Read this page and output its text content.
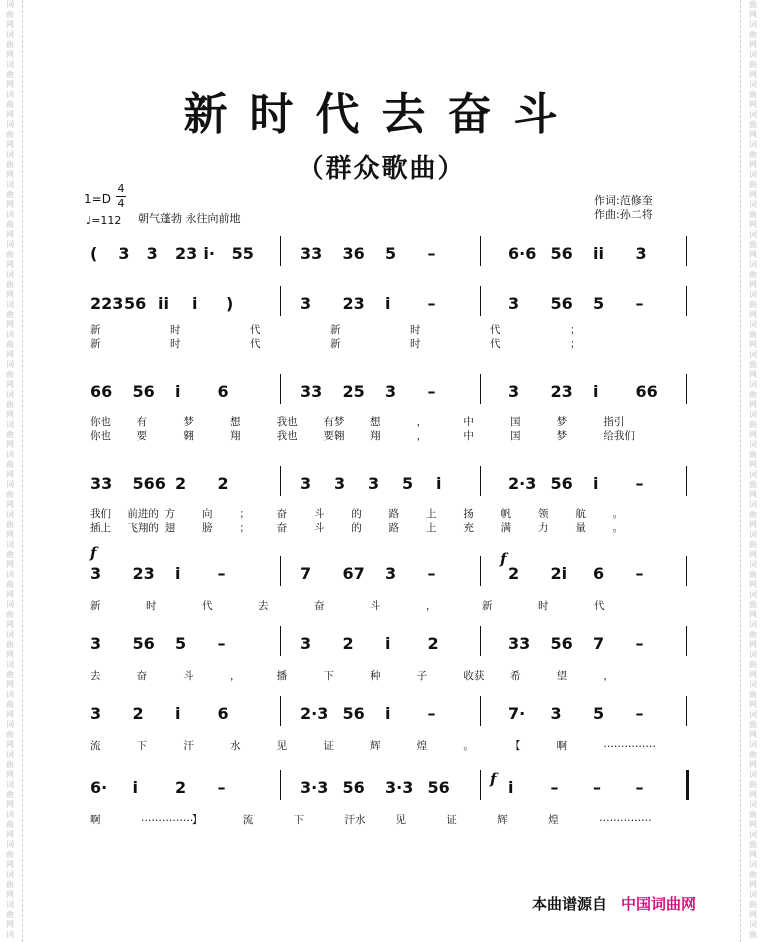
词
曲
网
词
曲
网
词
曲
网
词
曲
网
词
曲
网
词
曲
网
词
曲
网
词
曲
网
词
曲
网
词
曲
网
词
曲
网
词
曲
网
词
曲
网
词
曲
网
词
曲
网
词
曲
网
词
曲
网
词
曲
网
词
曲
网
词
曲
网
词
曲
网
词
曲
网
词
曲
网
词
曲
网
词
曲
网
词
曲
网
词
曲
网
词
曲
网
词
曲
网
词
曲
网
词
曲
网
词
曲
网
词
曲
网
词
曲
网
词
曲
网
词
曲
网
词
曲
网
词
曲
网
词
曲
网
词
曲
网
词
曲
网
词
曲
网
词
曲
网
词
曲
网
词
曲
网
词
曲
网
词
曲
网
词
曲
网
词
曲
网
词
曲
网
词
曲
网
词
曲
网
词
曲
网
词
曲
网
词
曲
网
词
曲
网
词
曲
网
词
曲
网
词
曲
网
词
曲
网
词
曲
网
词
曲
网
词
曲
新时代去奋斗
（群众歌曲）
$1=D \frac{4}{4}$
♩=112 朝气蓬勃 永往向前地
作词:范修奎
作曲:孙二将
( 3 3 23 i· 55	33 36 5 –	6·6 56 ii 3
223 56 ii i )	3 23 i –	3 56 5 –
66 56 i 6	33 25 3 –	3 23 i 66
33 566 2 2	3 3 3 5 i	2·3 56 i –
3 23 i –	7 67 3 –	2 2i 6 –
3 56 5 –	3 2 i 2	33 56 7 –
3 2 i 6	2·3 56 i –	7· 3 5 –
6· i 2 –	3·3 56 3·3 56	i – – –
新	时	代	新	时	代	；
新	时	代	新	时	代	；
你也 有	梦	想	我也 有梦 想	，	中	国	梦	指引
你也 要	翱	翔	我也 要翱 翔	，	中	国	梦	给我们
我们 前进的 方	向	；	奋	斗	的	路	上	扬	帆	领	航	。
插上 飞翔的 翅	膀	；	奋	斗	的	路	上	充	满	力	量	。
新	时	代	去	奋	斗	，	新	时	代
去	奋	斗	，	播	下	种	子	收获 希	望	，
流	下	汗	水	见	证	辉	煌	。	【	啊	……………
啊	……………
】	流	下	汗水	见	证	辉	煌	……………
f	f
f
本曲谱源自 中国词曲网
